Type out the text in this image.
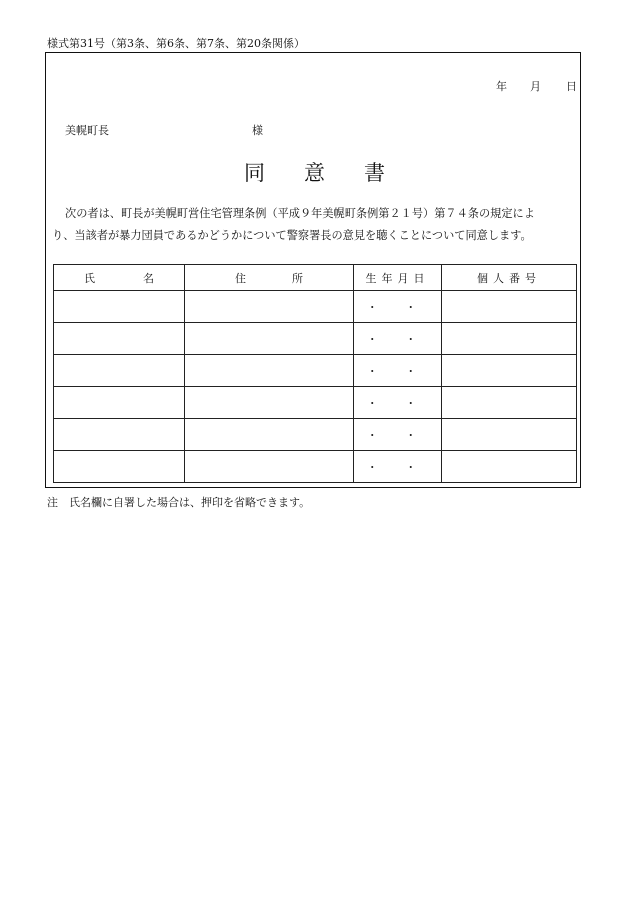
様式第31号（第3条、第6条、第7条、第20条関係）
年 月 日
美幌町長	様
同 意 書
次の者は、町長が美幌町営住宅管理条例（平成９年美幌町条例第２１号）第７４条の規定によ
り、当該者が暴力団員であるかどうかについて警察署長の意見を聴くことについて同意します。
氏 名	住 所	生年月日	個人番号
		・ ・	
		・ ・	
		・ ・	
		・ ・	
		・ ・	
		・ ・	
注　氏名欄に自署した場合は、押印を省略できます。
